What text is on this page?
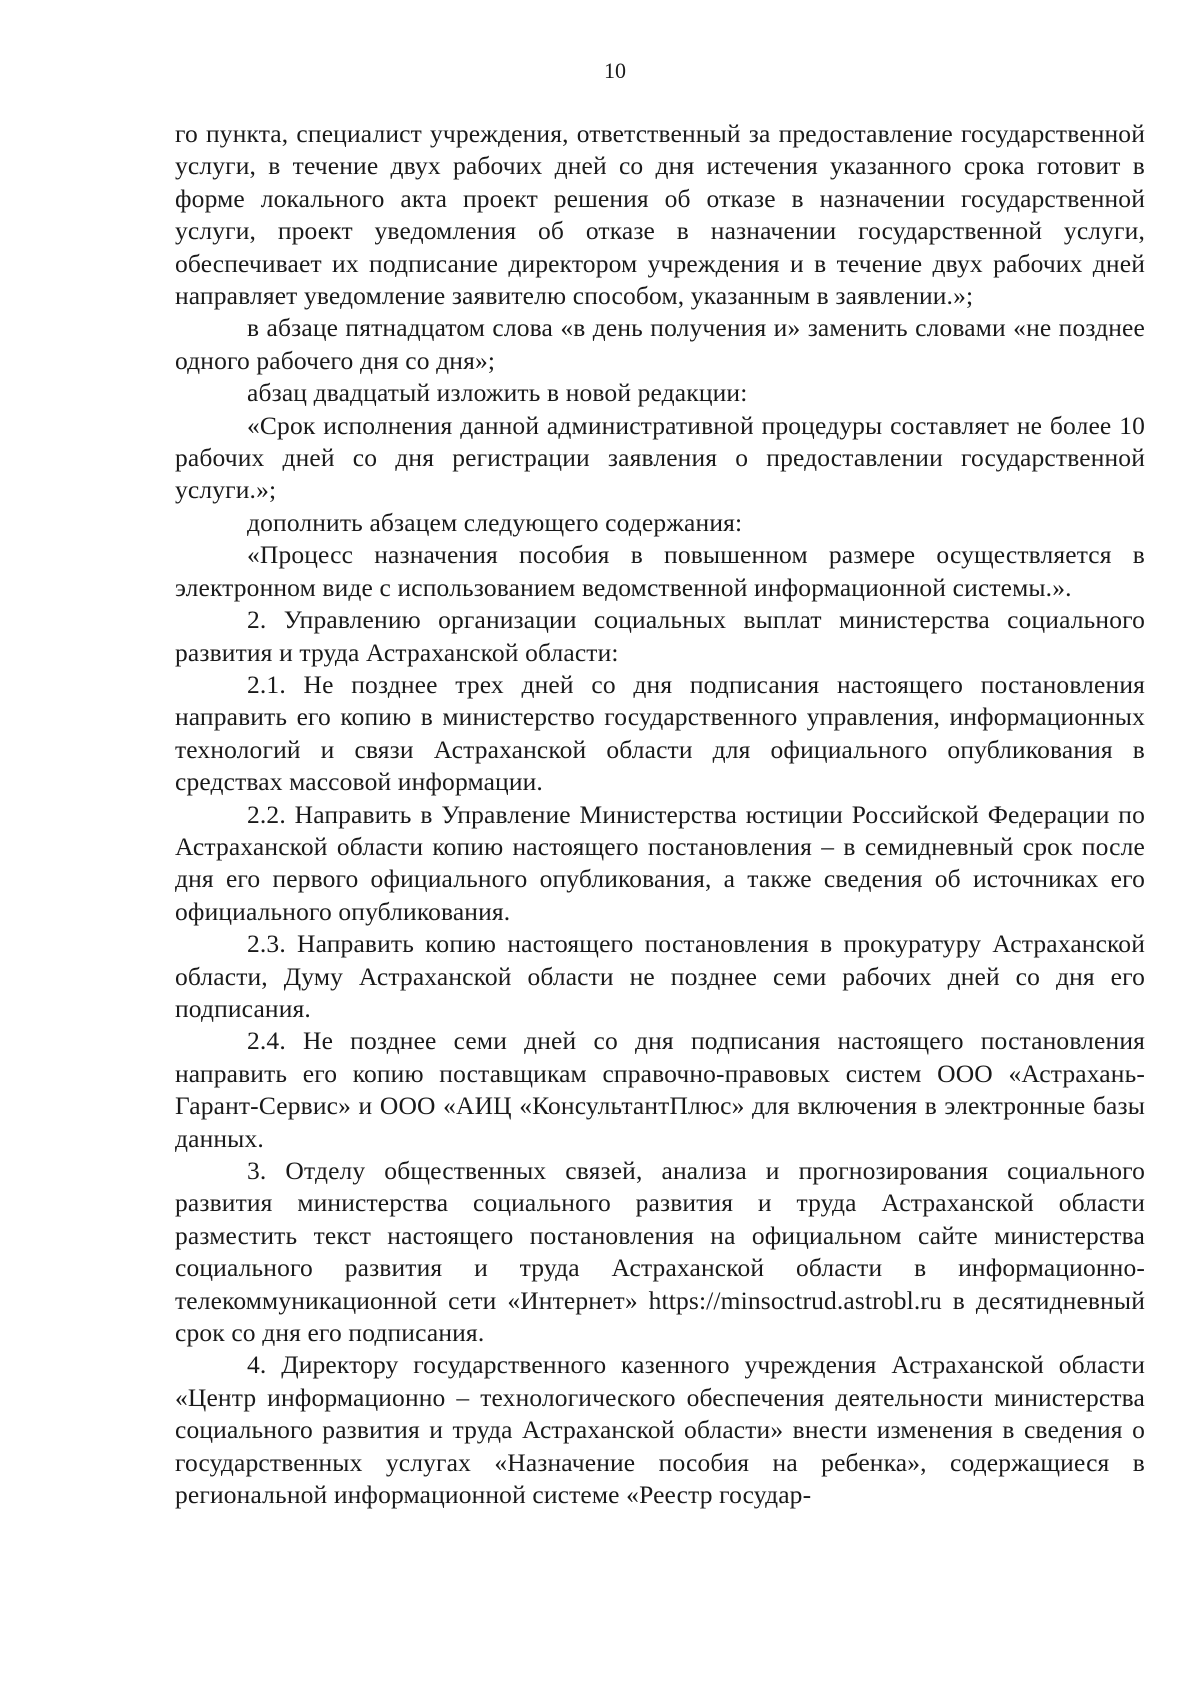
10

го пункта, специалист учреждения, ответственный за предоставление государственной услуги, в течение двух рабочих дней со дня истечения указанного срока готовит в форме локального акта проект решения об отказе в назначении государственной услуги, проект уведомления об отказе в назначении государственной услуги, обеспечивает их подписание директором учреждения и в течение двух рабочих дней направляет уведомление заявителю способом, указанным в заявлении.»;

в абзаце пятнадцатом слова «в день получения и» заменить словами «не позднее одного рабочего дня со дня»;

абзац двадцатый изложить в новой редакции:

«Срок исполнения данной административной процедуры составляет не более 10 рабочих дней со дня регистрации заявления о предоставлении государственной услуги.»;

дополнить абзацем следующего содержания:

«Процесс назначения пособия в повышенном размере осуществляется в электронном виде с использованием ведомственной информационной системы.».

2. Управлению организации социальных выплат министерства социального развития и труда Астраханской области:

2.1. Не позднее трех дней со дня подписания настоящего постановления направить его копию в министерство государственного управления, информационных технологий и связи Астраханской области для официального опубликования в средствах массовой информации.

2.2. Направить в Управление Министерства юстиции Российской Федерации по Астраханской области копию настоящего постановления – в семидневный срок после дня его первого официального опубликования, а также сведения об источниках его официального опубликования.

2.3. Направить копию настоящего постановления в прокуратуру Астраханской области, Думу Астраханской области не позднее семи рабочих дней со дня его подписания.

2.4. Не позднее семи дней со дня подписания настоящего постановления направить его копию поставщикам справочно-правовых систем ООО «Астрахань-Гарант-Сервис» и ООО «АИЦ «КонсультантПлюс» для включения в электронные базы данных.

3. Отделу общественных связей, анализа и прогнозирования социального развития министерства социального развития и труда Астраханской области разместить текст настоящего постановления на официальном сайте министерства социального развития и труда Астраханской области в информационно-телекоммуникационной сети «Интернет» https://minsoctrud.astrobl.ru в десятидневный срок со дня его подписания.

4. Директору государственного казенного учреждения Астраханской области «Центр информационно – технологического обеспечения деятельности министерства социального развития и труда Астраханской области» внести изменения в сведения о государственных услугах «Назначение пособия на ребенка», содержащиеся в региональной информационной системе «Реестр государ-
